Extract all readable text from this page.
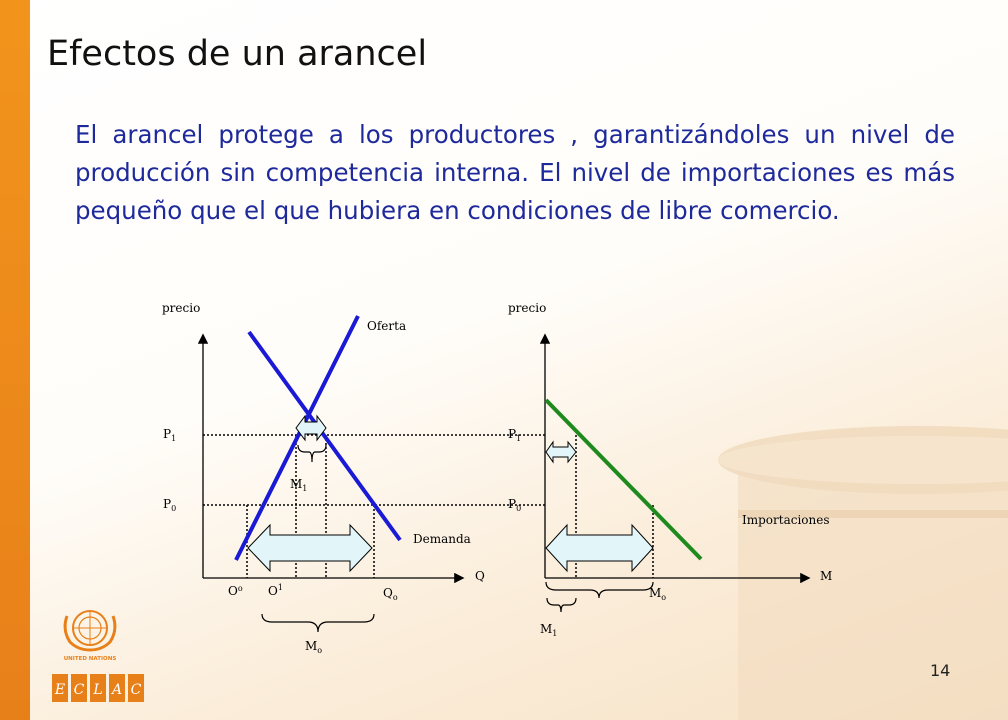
Efectos de un arancel

El arancel protege a los productores , garantizándoles un nivel de producción sin competencia interna. El nivel de importaciones es más pequeño que el que hubiera en condiciones de libre comercio.

precio
Q
Oferta
Demanda
$P_1$
$P_0$
$M_1$
$O^o$ $O^1$	$Q_o$
$M_o$
precio
M
$P_1$
$P_0$
Importaciones
$M_o$
$M_1$
UNITED NATIONS
E C L A C
14
